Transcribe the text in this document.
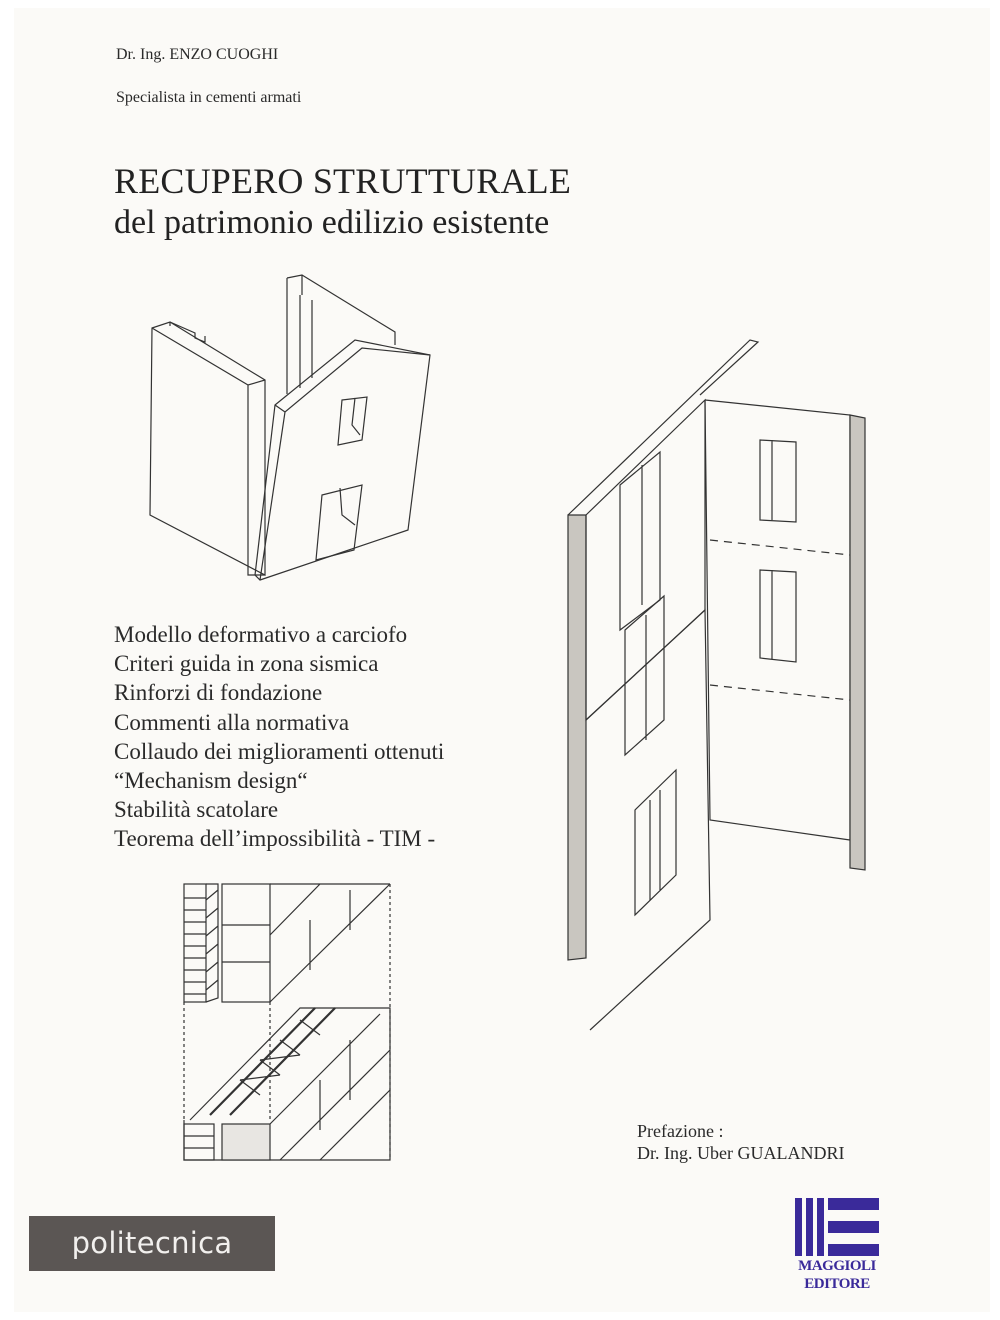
Dr. Ing. ENZO CUOGHI
Specialista in cementi armati
RECUPERO STRUTTURALE
del patrimonio edilizio esistente
Modello deformativo a carciofo
Criteri guida in zona sismica
Rinforzi di fondazione
Commenti alla normativa
Collaudo dei miglioramenti ottenuti
“Mechanism design“
Stabilità scatolare
Teorema dell’impossibilità - TIM -
Prefazione :
Dr. Ing. Uber GUALANDRI
politecnica
MAGGIOLI
EDITORE
